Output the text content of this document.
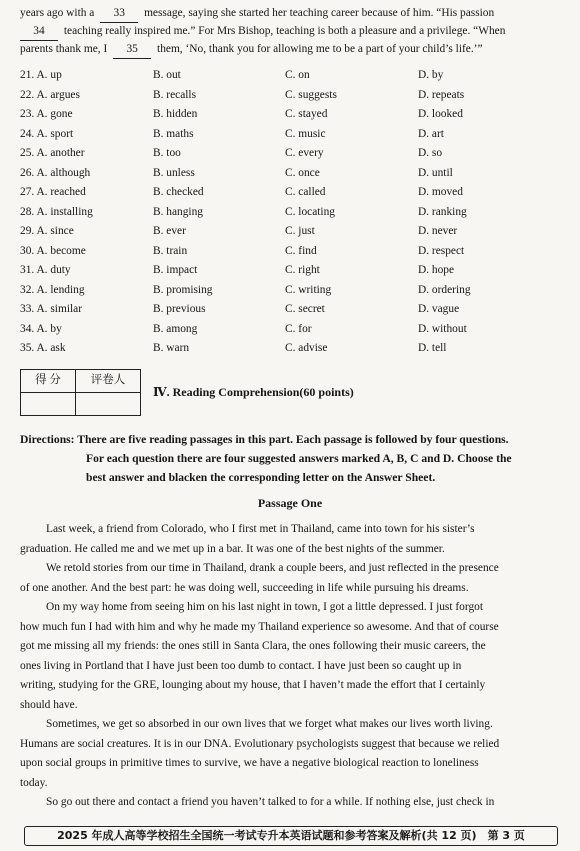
years ago with a 33 message, saying she started her teaching career because of him. “His passion
34 teaching really inspired me.” For Mrs Bishop, teaching is both a pleasure and a privilege. “When
parents thank me, I 35 them, ‘No, thank you for allowing me to be a part of your child’s life.’”
21. A. up	B. out	C. on	D. by
22. A. argues	B. recalls	C. suggests	D. repeats
23. A. gone	B. hidden	C. stayed	D. looked
24. A. sport	B. maths	C. music	D. art
25. A. another	B. too	C. every	D. so
26. A. although	B. unless	C. once	D. until
27. A. reached	B. checked	C. called	D. moved
28. A. installing	B. hanging	C. locating	D. ranking
29. A. since	B. ever	C. just	D. never
30. A. become	B. train	C. find	D. respect
31. A. duty	B. impact	C. right	D. hope
32. A. lending	B. promising	C. writing	D. ordering
33. A. similar	B. previous	C. secret	D. vague
34. A. by	B. among	C. for	D. without
35. A. ask	B. warn	C. advise	D. tell
得 分	评卷人

Ⅳ. Reading Comprehension(60 points)
Directions: There are five reading passages in this part. Each passage is followed by four questions.
For each question there are four suggested answers marked A, B, C and D. Choose the
best answer and blacken the corresponding letter on the Answer Sheet.
Passage One
Last week, a friend from Colorado, who I first met in Thailand, came into town for his sister’s
graduation. He called me and we met up in a bar. It was one of the best nights of the summer.
We retold stories from our time in Thailand, drank a couple beers, and just reflected in the presence
of one another. And the best part: he was doing well, succeeding in life while pursuing his dreams.
On my way home from seeing him on his last night in town, I got a little depressed. I just forgot
how much fun I had with him and why he made my Thailand experience so awesome. And that of course
got me missing all my friends: the ones still in Santa Clara, the ones following their music careers, the
ones living in Portland that I have just been too dumb to contact. I have just been so caught up in
writing, studying for the GRE, lounging about my house, that I haven’t made the effort that I certainly
should have.
Sometimes, we get so absorbed in our own lives that we forget what makes our lives worth living.
Humans are social creatures. It is in our DNA. Evolutionary psychologists suggest that because we relied
upon social groups in primitive times to survive, we have a negative biological reaction to loneliness
today.
So go out there and contact a friend you haven’t talked to for a while. If nothing else, just check in
2025 年成人高等学校招生全国统一考试专升本英语试题和参考答案及解析(共 12 页)　第 3 页
